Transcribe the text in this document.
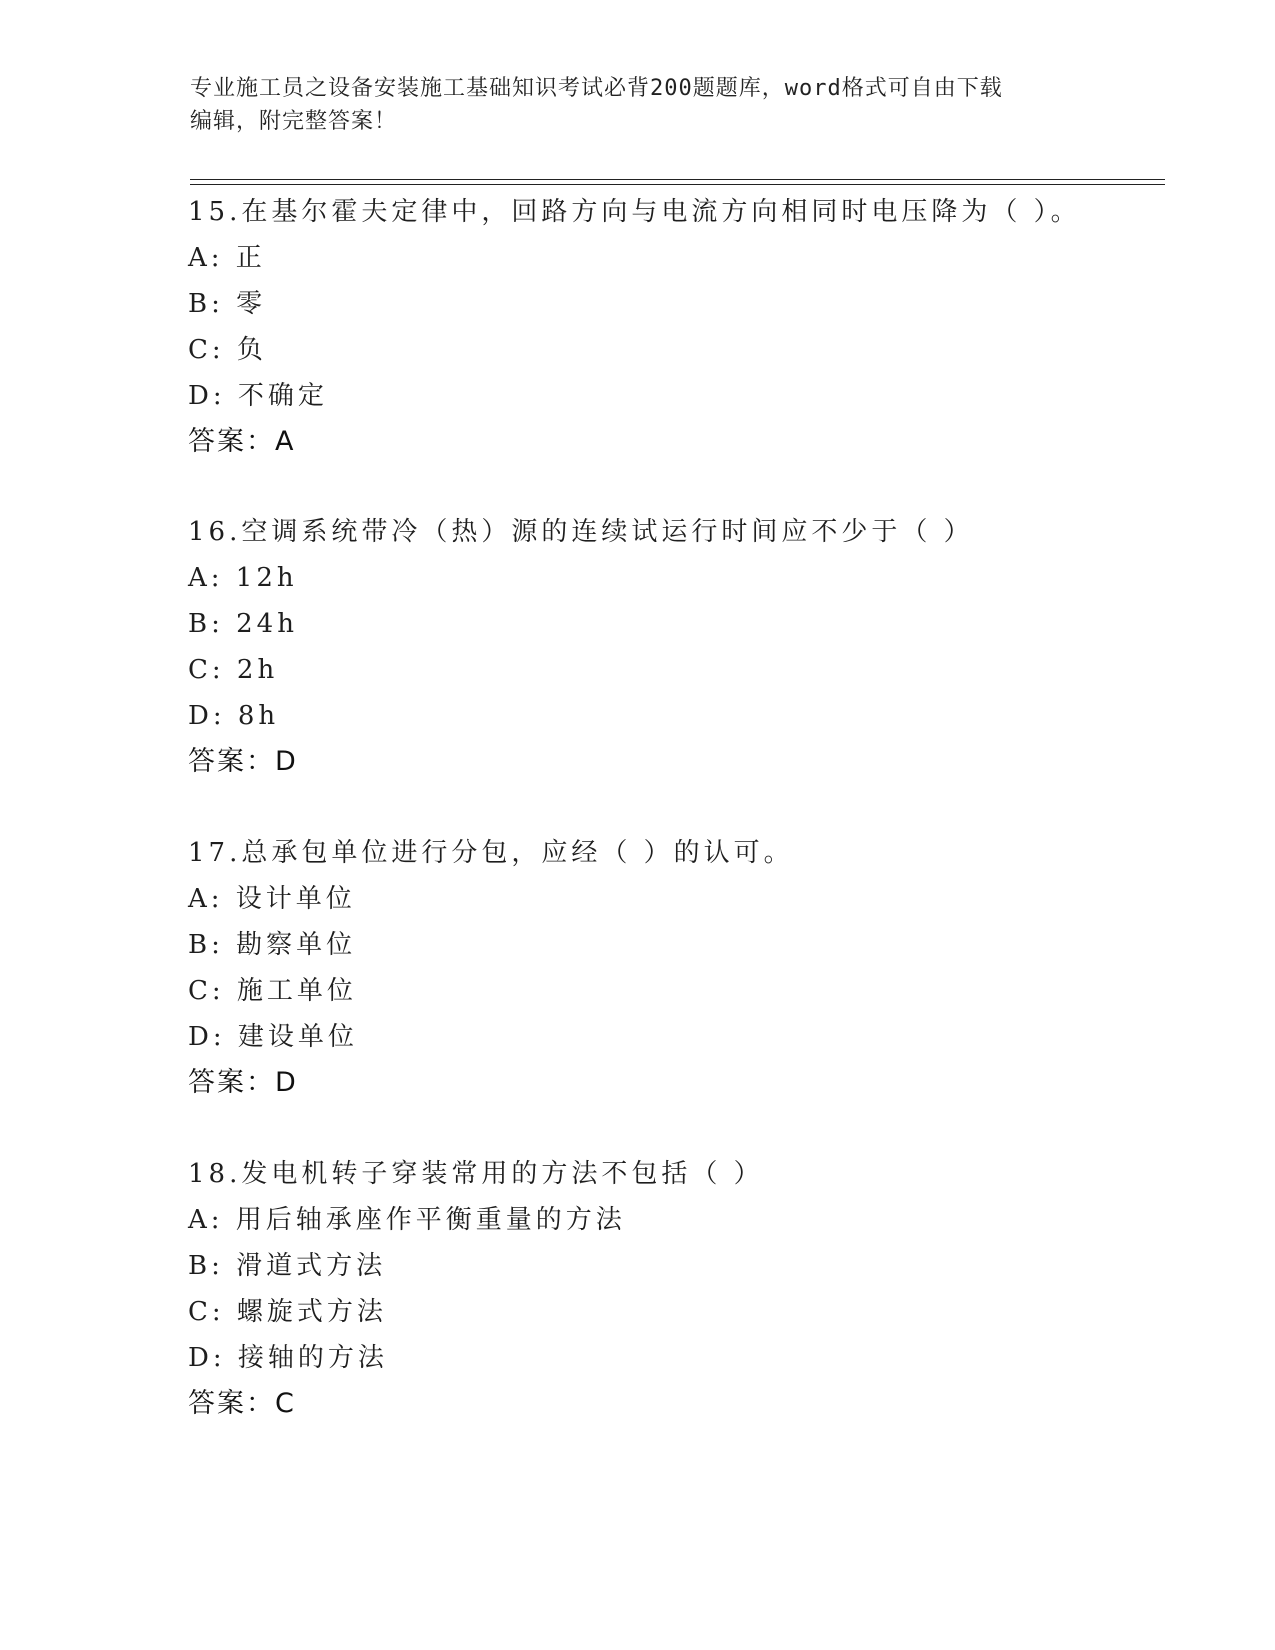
专业施工员之设备安装施工基础知识考试必背200题题库，word格式可自由下载
编辑，附完整答案！
15.在基尔霍夫定律中，回路方向与电流方向相同时电压降为（ ）。
A: 正
B: 零
C: 负
D: 不确定
答案：A
16.空调系统带冷（热）源的连续试运行时间应不少于（ ）
A: 12h
B: 24h
C: 2h
D: 8h
答案：D
17.总承包单位进行分包，应经（ ）的认可。
A: 设计单位
B: 勘察单位
C: 施工单位
D: 建设单位
答案：D
18.发电机转子穿装常用的方法不包括（ ）
A: 用后轴承座作平衡重量的方法
B: 滑道式方法
C: 螺旋式方法
D: 接轴的方法
答案：C
